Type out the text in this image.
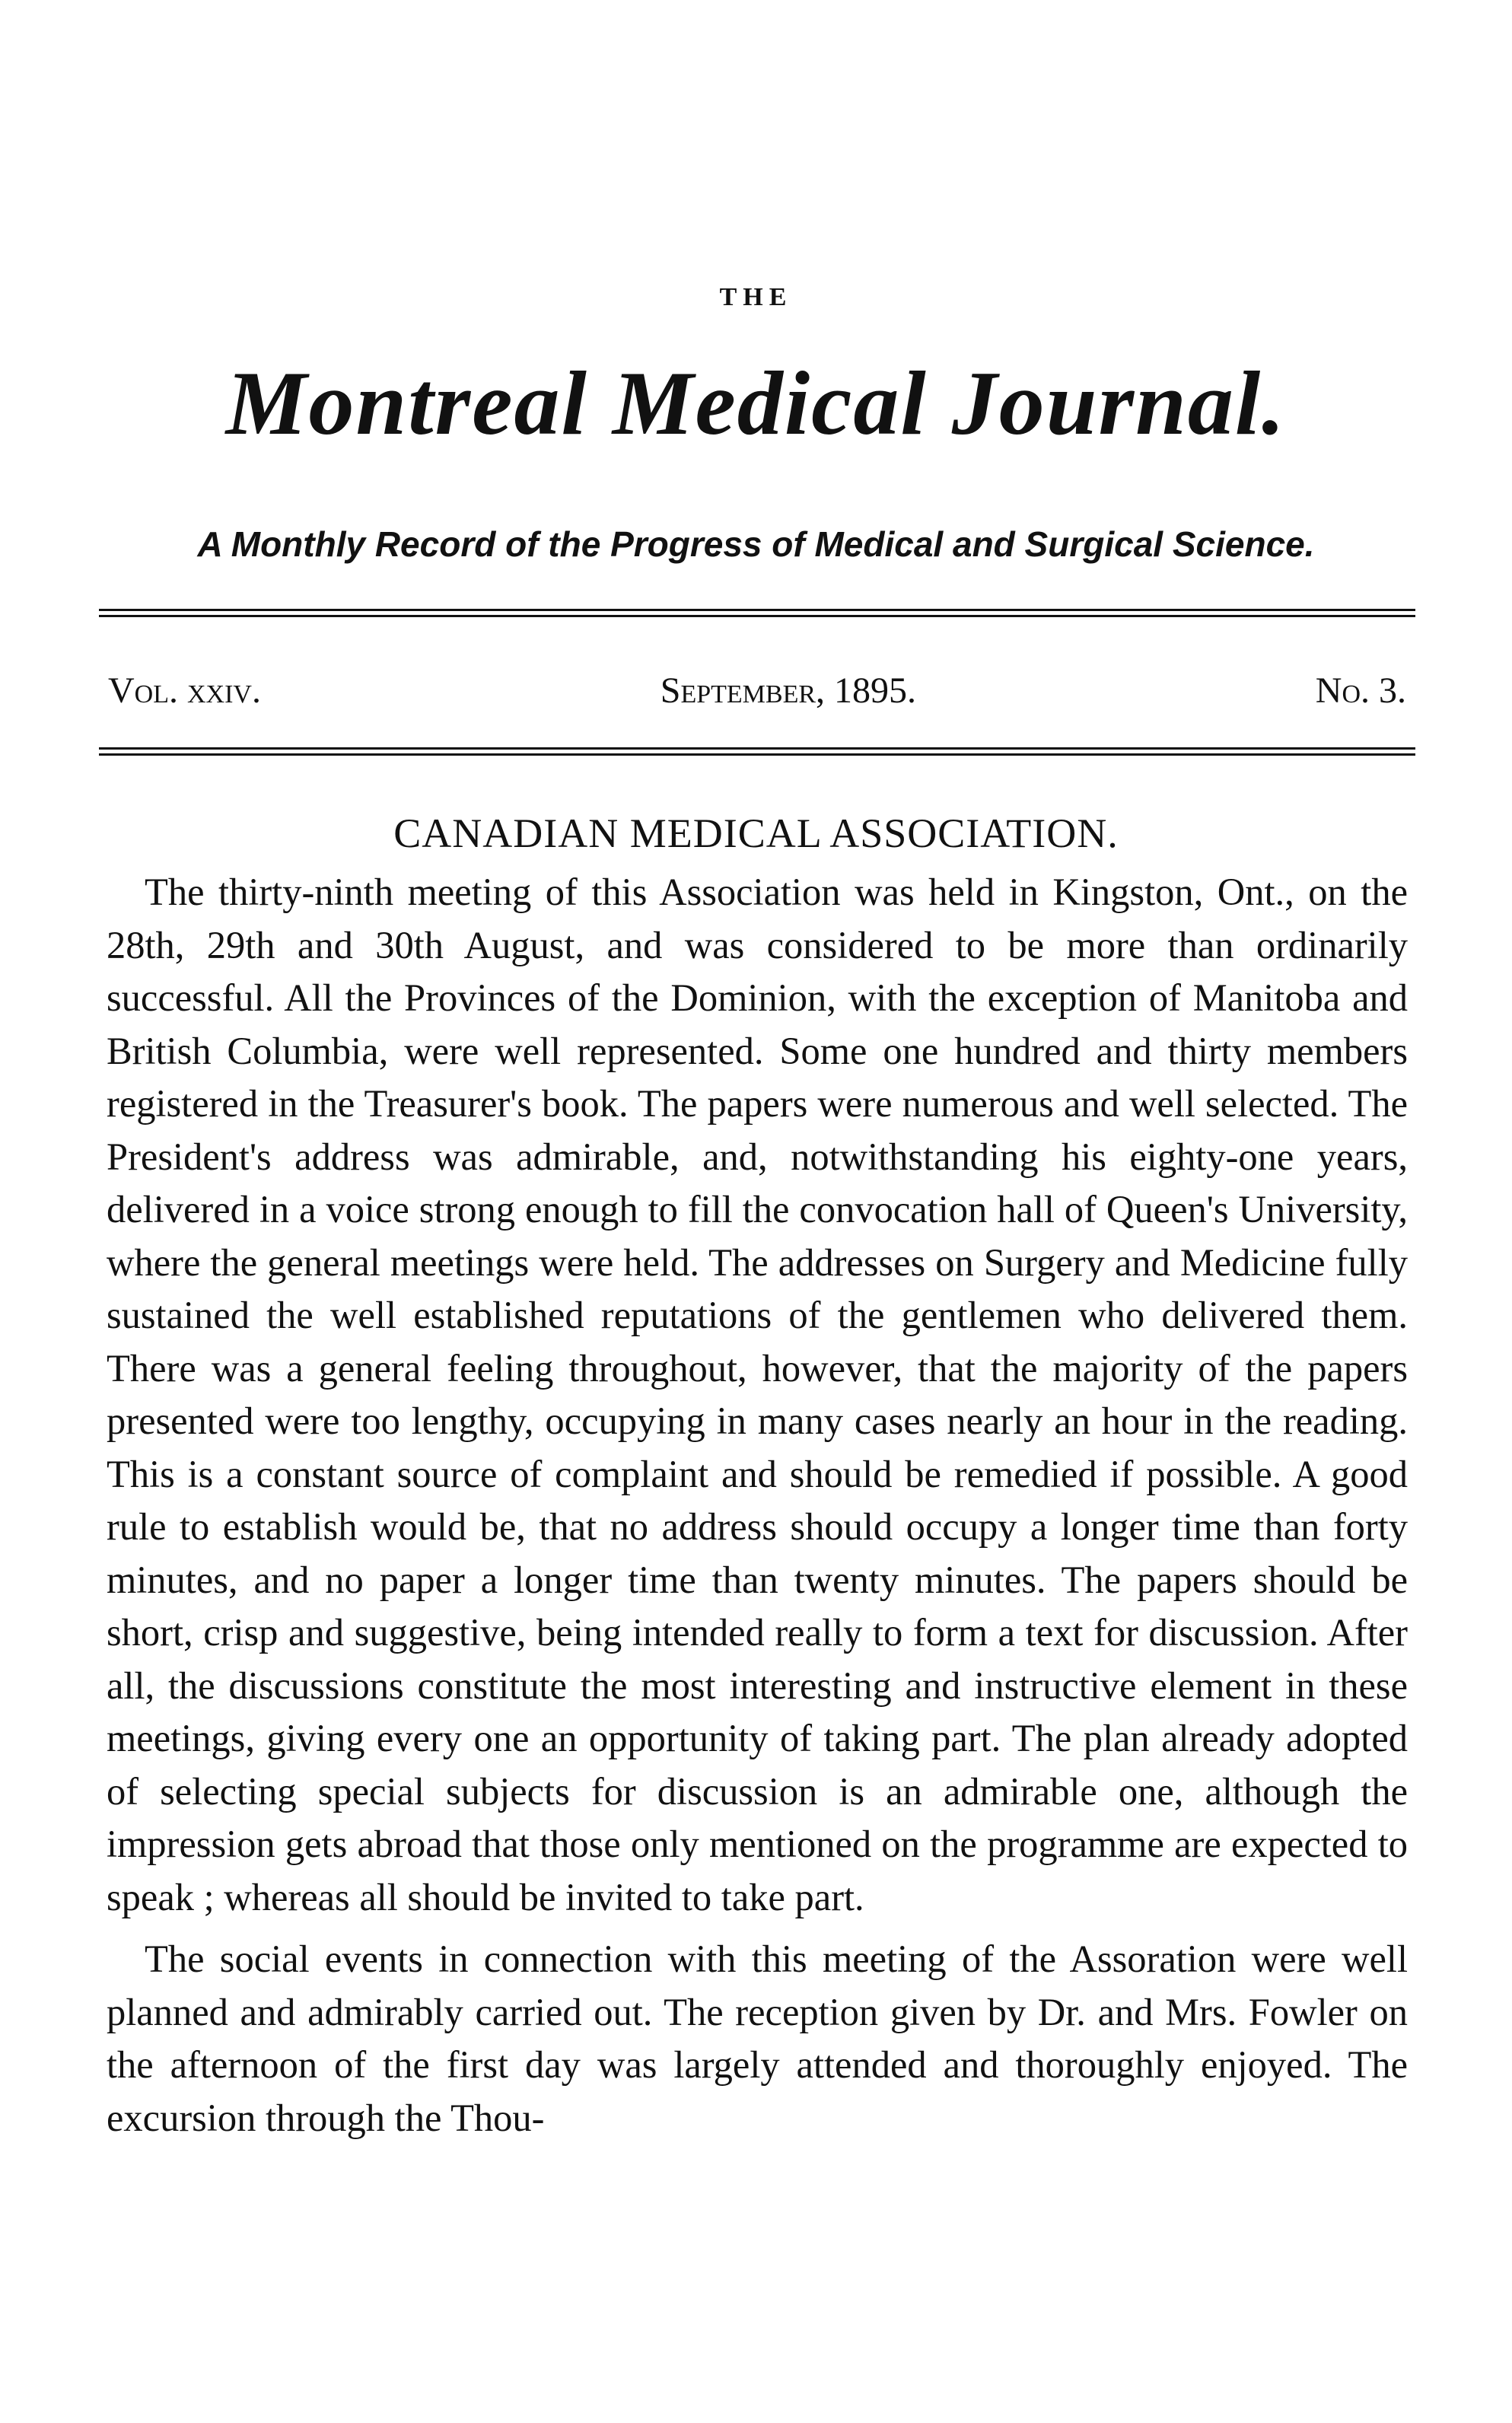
THE
Montreal Medical Journal.
A Monthly Record of the Progress of Medical and Surgical Science.
Vol. xxiv.	September, 1895.	No. 3.
CANADIAN MEDICAL ASSOCIATION.

The thirty-ninth meeting of this Association was held in Kingston, Ont., on the 28th, 29th and 30th August, and was considered to be more than ordinarily successful. All the Provinces of the Dominion, with the exception of Manitoba and British Columbia, were well represented. Some one hundred and thirty members registered in the Treasurer's book. The papers were numerous and well selected. The President's address was admirable, and, notwithstanding his eighty-one years, delivered in a voice strong enough to fill the convocation hall of Queen's University, where the general meetings were held. The addresses on Surgery and Medicine fully sustained the well established reputations of the gentlemen who delivered them. There was a general feeling throughout, however, that the majority of the papers presented were too lengthy, occupying in many cases nearly an hour in the reading. This is a constant source of complaint and should be remedied if possible. A good rule to establish would be, that no address should occupy a longer time than forty minutes, and no paper a longer time than twenty minutes. The papers should be short, crisp and suggestive, being intended really to form a text for discussion. After all, the discussions constitute the most interesting and instructive element in these meetings, giving every one an opportunity of taking part. The plan already adopted of selecting special subjects for discussion is an admirable one, although the impression gets abroad that those only mentioned on the programme are expected to speak ; whereas all should be invited to take part.

The social events in connection with this meeting of the Assoration were well planned and admirably carried out. The reception given by Dr. and Mrs. Fowler on the afternoon of the first day was largely attended and thoroughly enjoyed. The excursion through the Thou-
